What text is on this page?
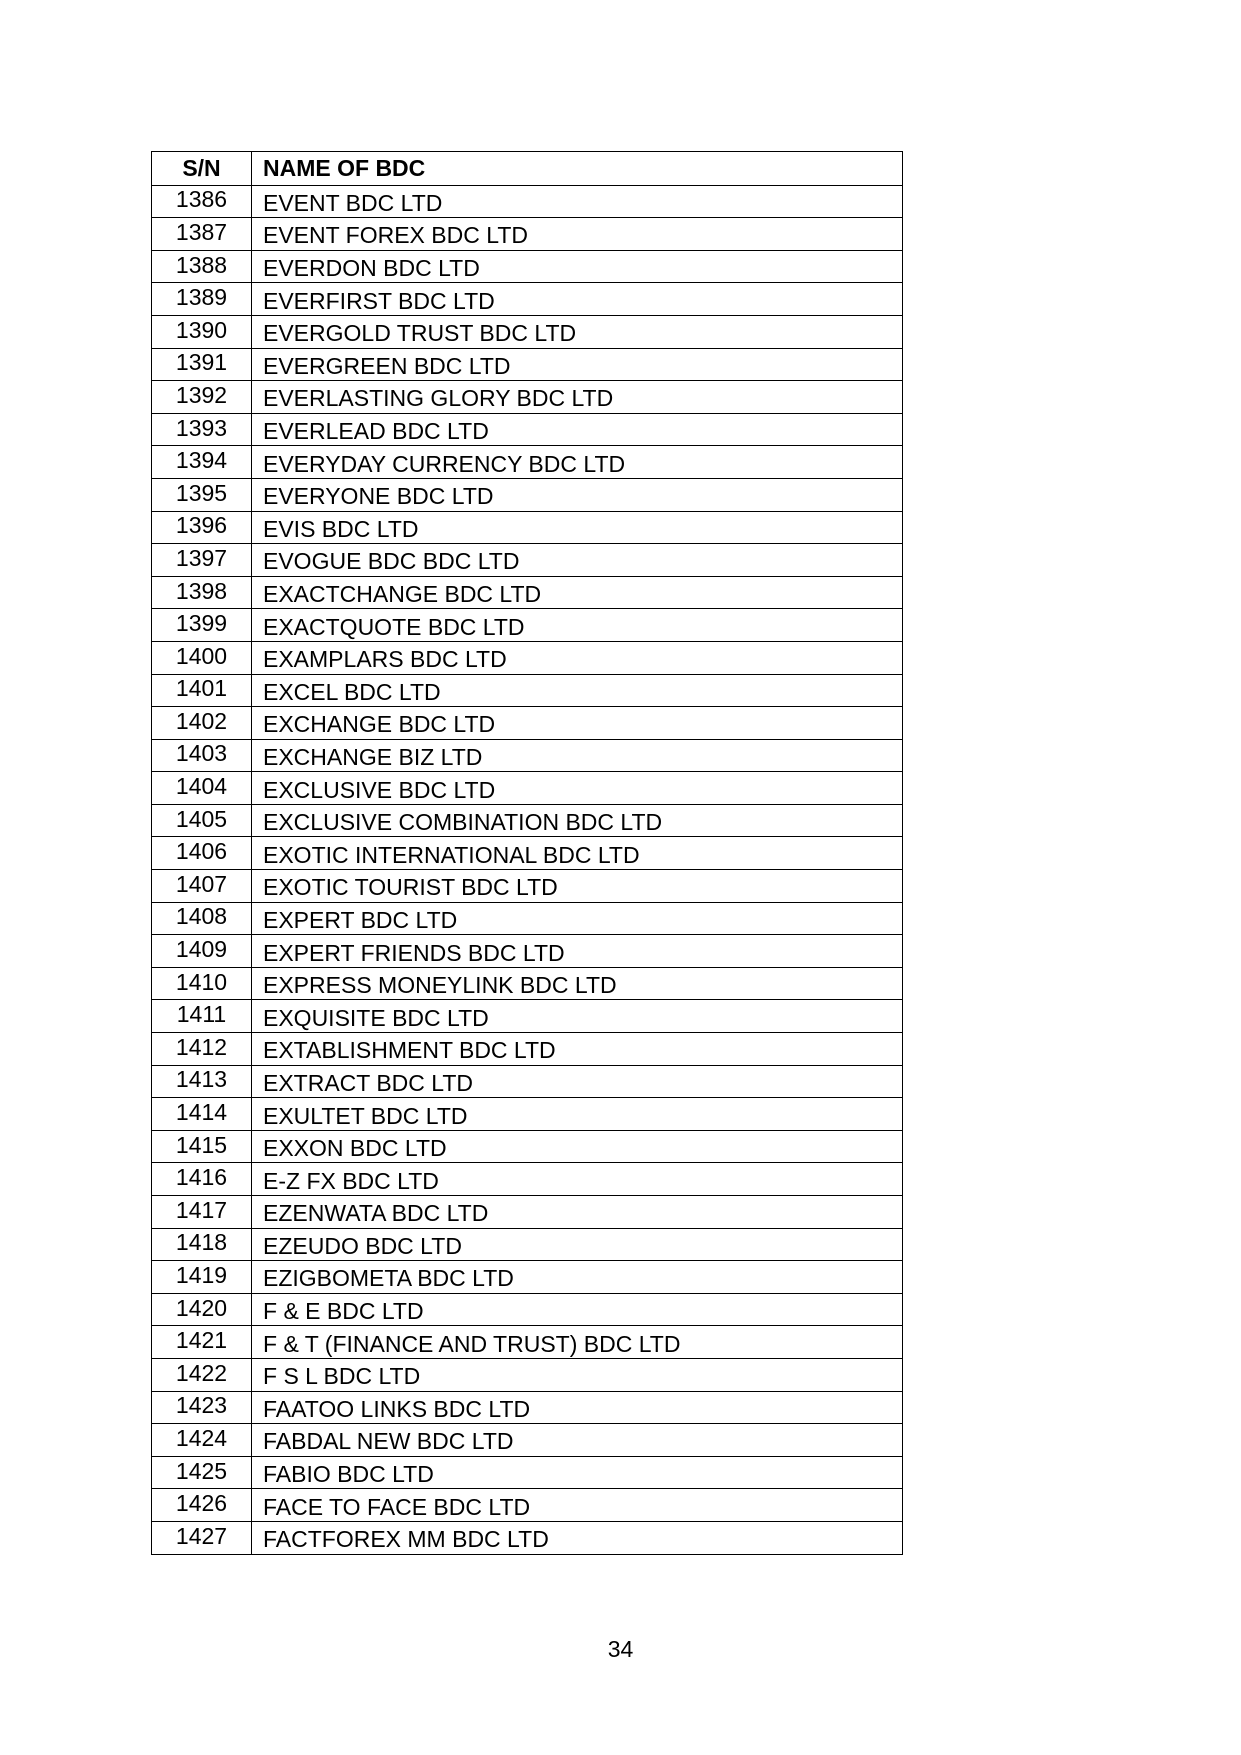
S/N	NAME OF BDC
1386	EVENT BDC LTD
1387	EVENT FOREX BDC LTD
1388	EVERDON BDC LTD
1389	EVERFIRST BDC LTD
1390	EVERGOLD TRUST BDC LTD
1391	EVERGREEN BDC LTD
1392	EVERLASTING GLORY BDC LTD
1393	EVERLEAD BDC LTD
1394	EVERYDAY CURRENCY BDC LTD
1395	EVERYONE BDC LTD
1396	EVIS BDC LTD
1397	EVOGUE BDC BDC LTD
1398	EXACTCHANGE BDC LTD
1399	EXACTQUOTE BDC LTD
1400	EXAMPLARS BDC LTD
1401	EXCEL BDC LTD
1402	EXCHANGE BDC LTD
1403	EXCHANGE BIZ LTD
1404	EXCLUSIVE BDC LTD
1405	EXCLUSIVE COMBINATION BDC LTD
1406	EXOTIC INTERNATIONAL BDC LTD
1407	EXOTIC TOURIST BDC LTD
1408	EXPERT BDC LTD
1409	EXPERT FRIENDS BDC LTD
1410	EXPRESS MONEYLINK BDC LTD
1411	EXQUISITE BDC LTD
1412	EXTABLISHMENT BDC LTD
1413	EXTRACT BDC LTD
1414	EXULTET BDC LTD
1415	EXXON BDC LTD
1416	E-Z FX BDC LTD
1417	EZENWATA BDC LTD
1418	EZEUDO BDC LTD
1419	EZIGBOMETA BDC LTD
1420	F & E BDC LTD
1421	F & T (FINANCE AND TRUST) BDC LTD
1422	F S L BDC LTD
1423	FAATOO LINKS BDC LTD
1424	FABDAL NEW BDC LTD
1425	FABIO BDC LTD
1426	FACE TO FACE BDC LTD
1427	FACTFOREX MM BDC LTD
34
